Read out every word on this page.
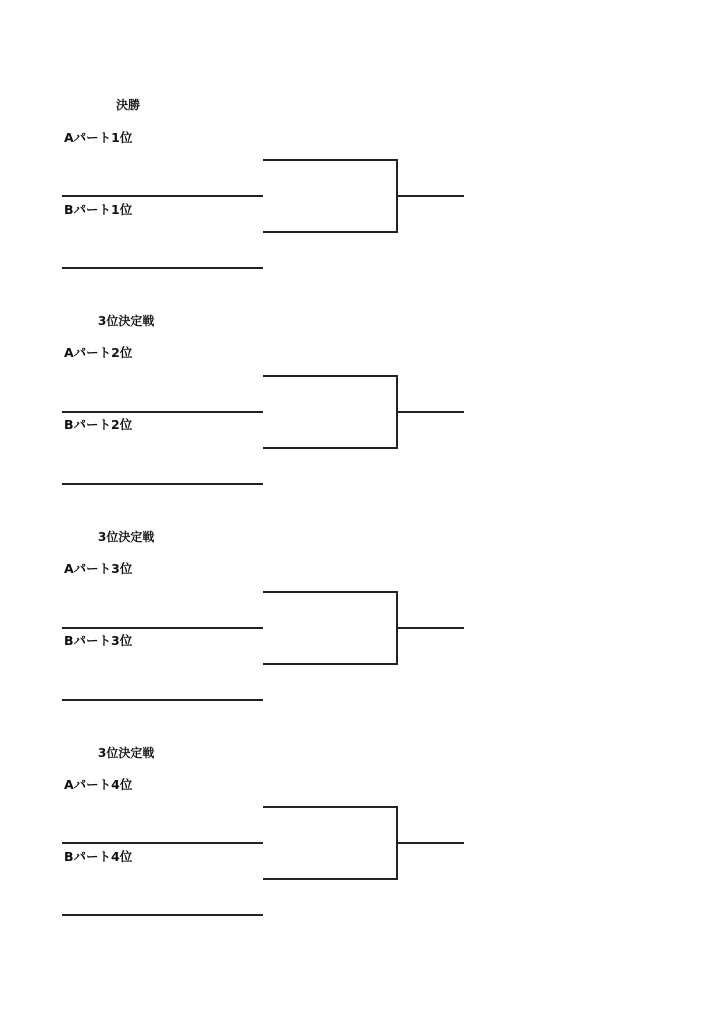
決勝
Aパート1位
Bパート1位
3位決定戦
Aパート2位
Bパート2位
3位決定戦
Aパート3位
Bパート3位
3位決定戦
Aパート4位
Bパート4位
